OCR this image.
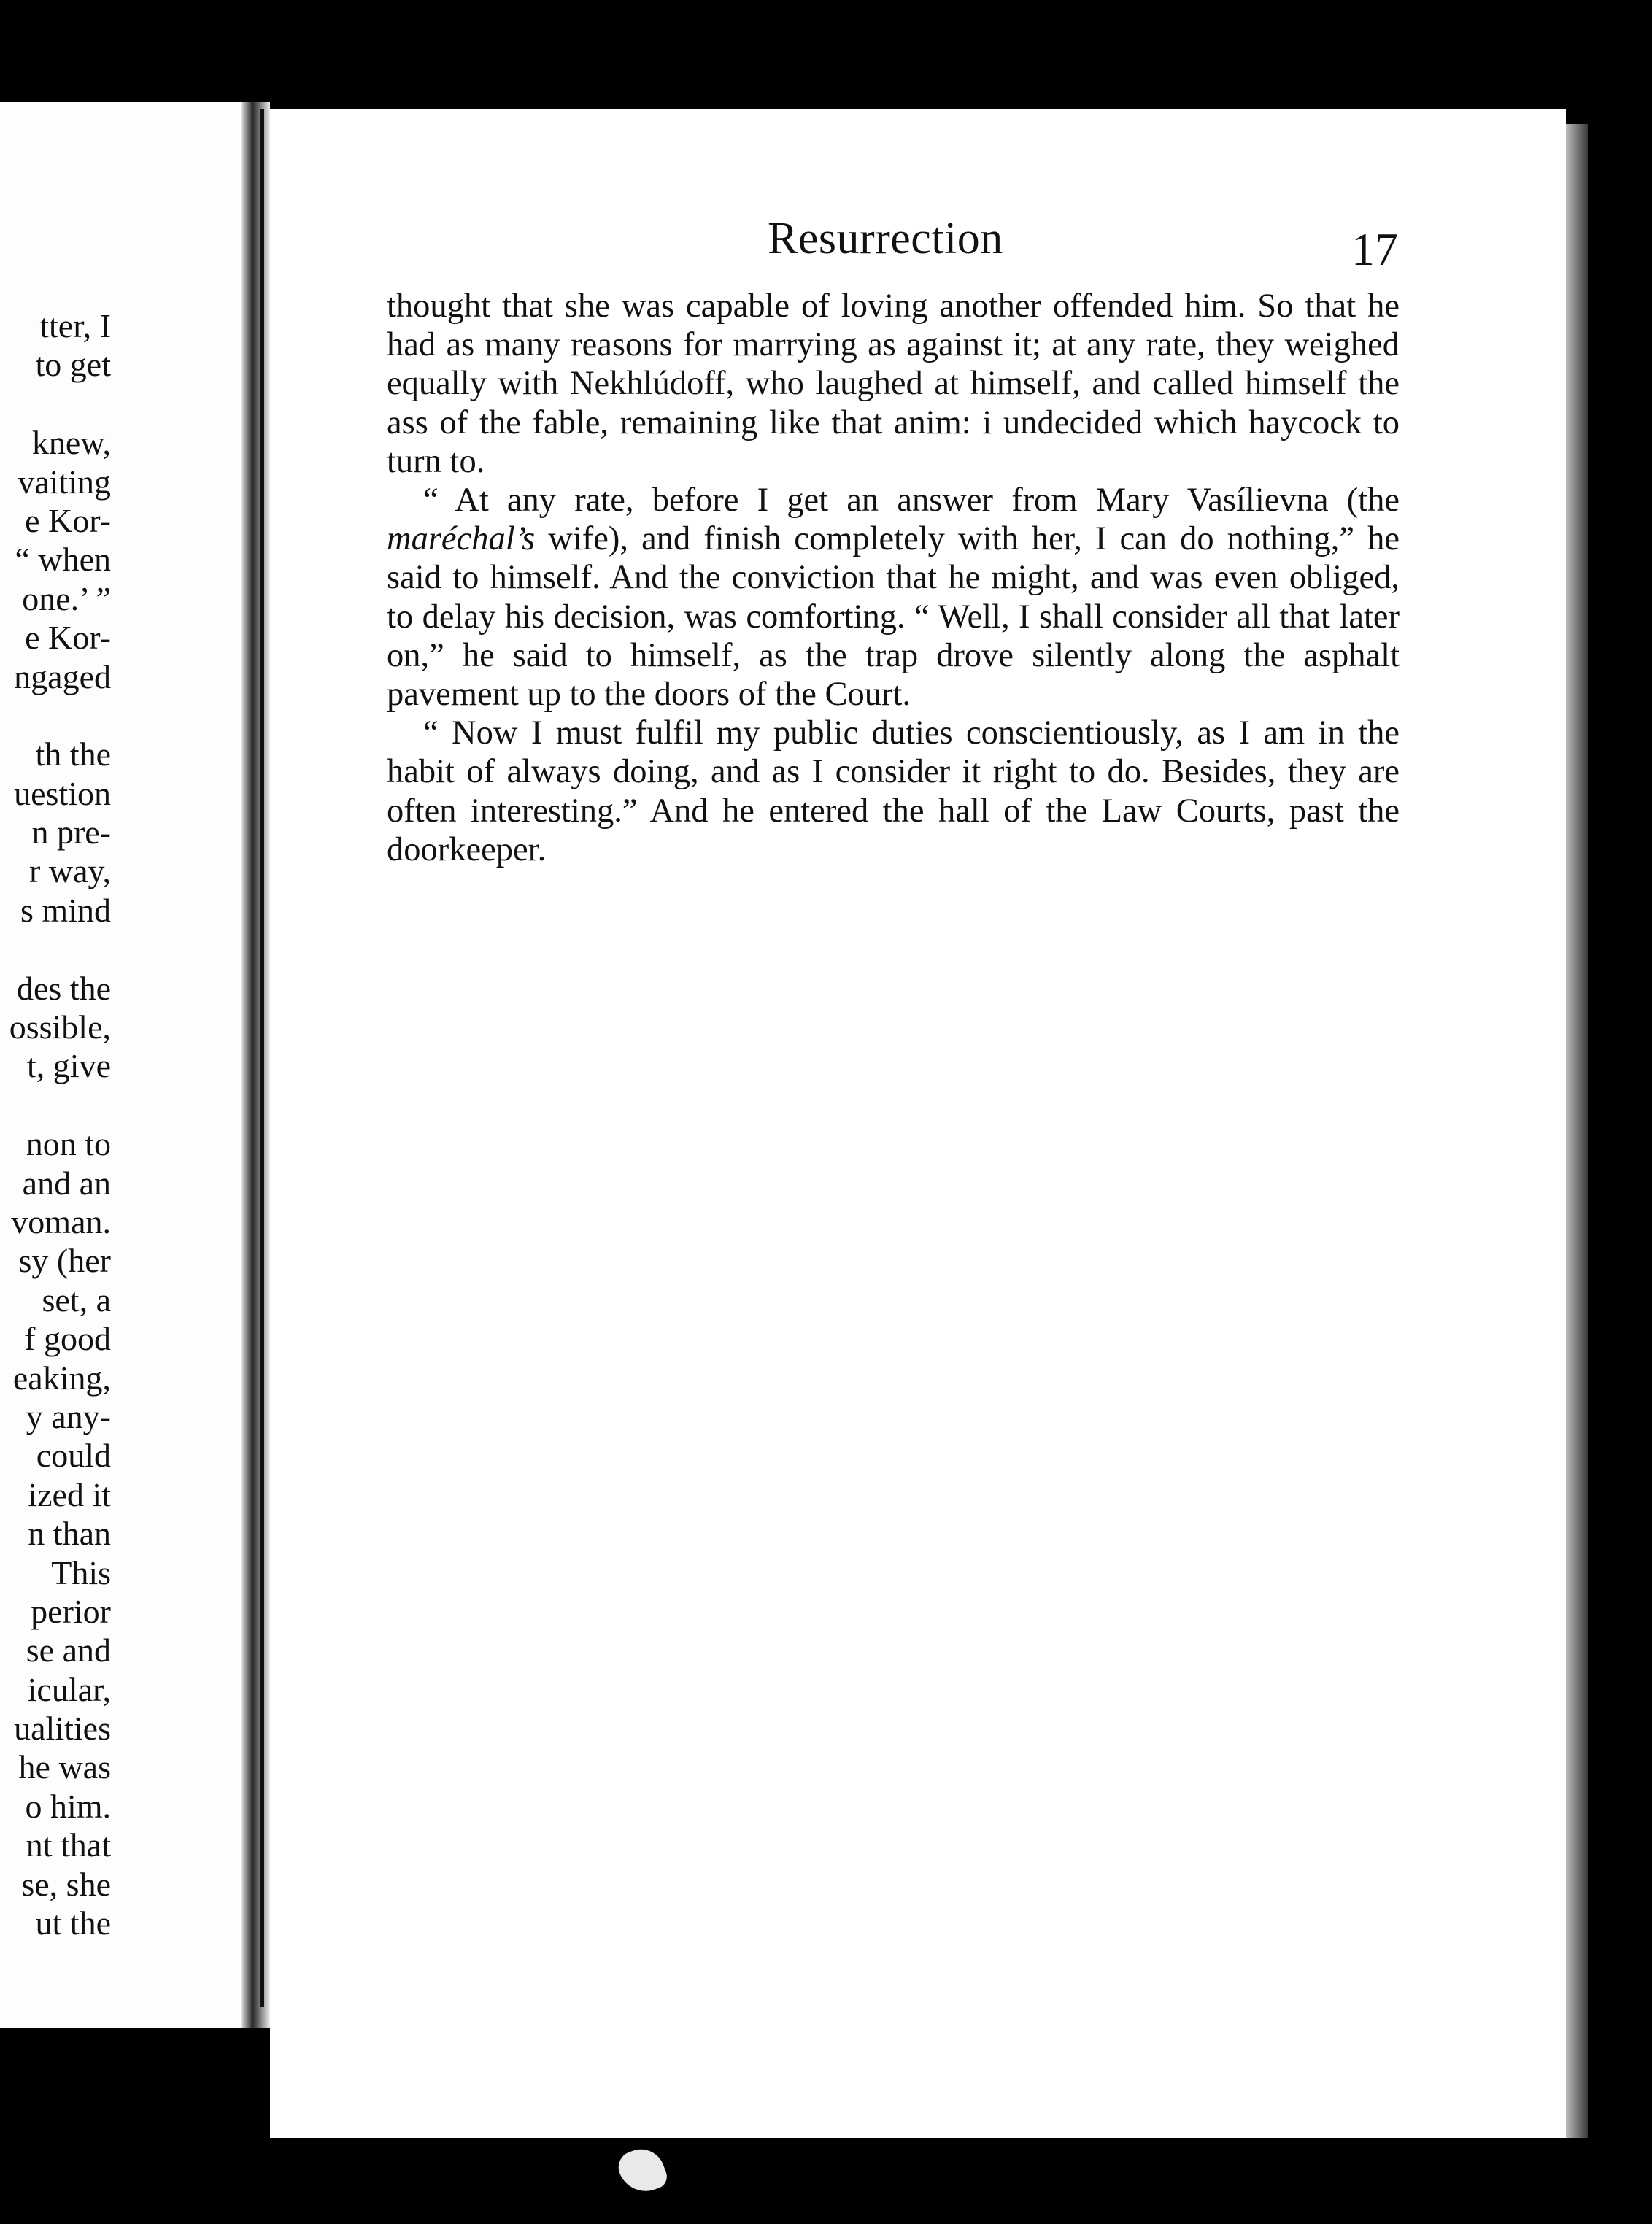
tter, I
to get
knew,
vaiting
e Kor-
“ when
one.’ ”
e Kor-
ngaged
th the
uestion
n pre-
r way,
s mind
des the
ossible,
t, give
non to
and an
voman.
sy (her
set, a
f good
eaking,
y any-
could
ized it
n than
This
perior
se and
icular,
ualities
he was
o him.
nt that
se, she
ut the
Resurrection	17

thought that she was capable of loving another offended him. So that he had as many reasons for marrying as against it; at any rate, they weighed equally with Nekhlúdoff, who laughed at himself, and called himself the ass of the fable, remaining like that anim: i undecided which haycock to turn to.

“ At any rate, before I get an answer from Mary Vasílievna (the maréchal’s wife), and finish completely with her, I can do nothing,” he said to himself. And the conviction that he might, and was even obliged, to delay his decision, was comforting. “ Well, I shall consider all that later on,” he said to himself, as the trap drove silently along the asphalt pavement up to the doors of the Court.

“ Now I must fulfil my public duties conscientiously, as I am in the habit of always doing, and as I consider it right to do. Besides, they are often interesting.” And he entered the hall of the Law Courts, past the doorkeeper.
